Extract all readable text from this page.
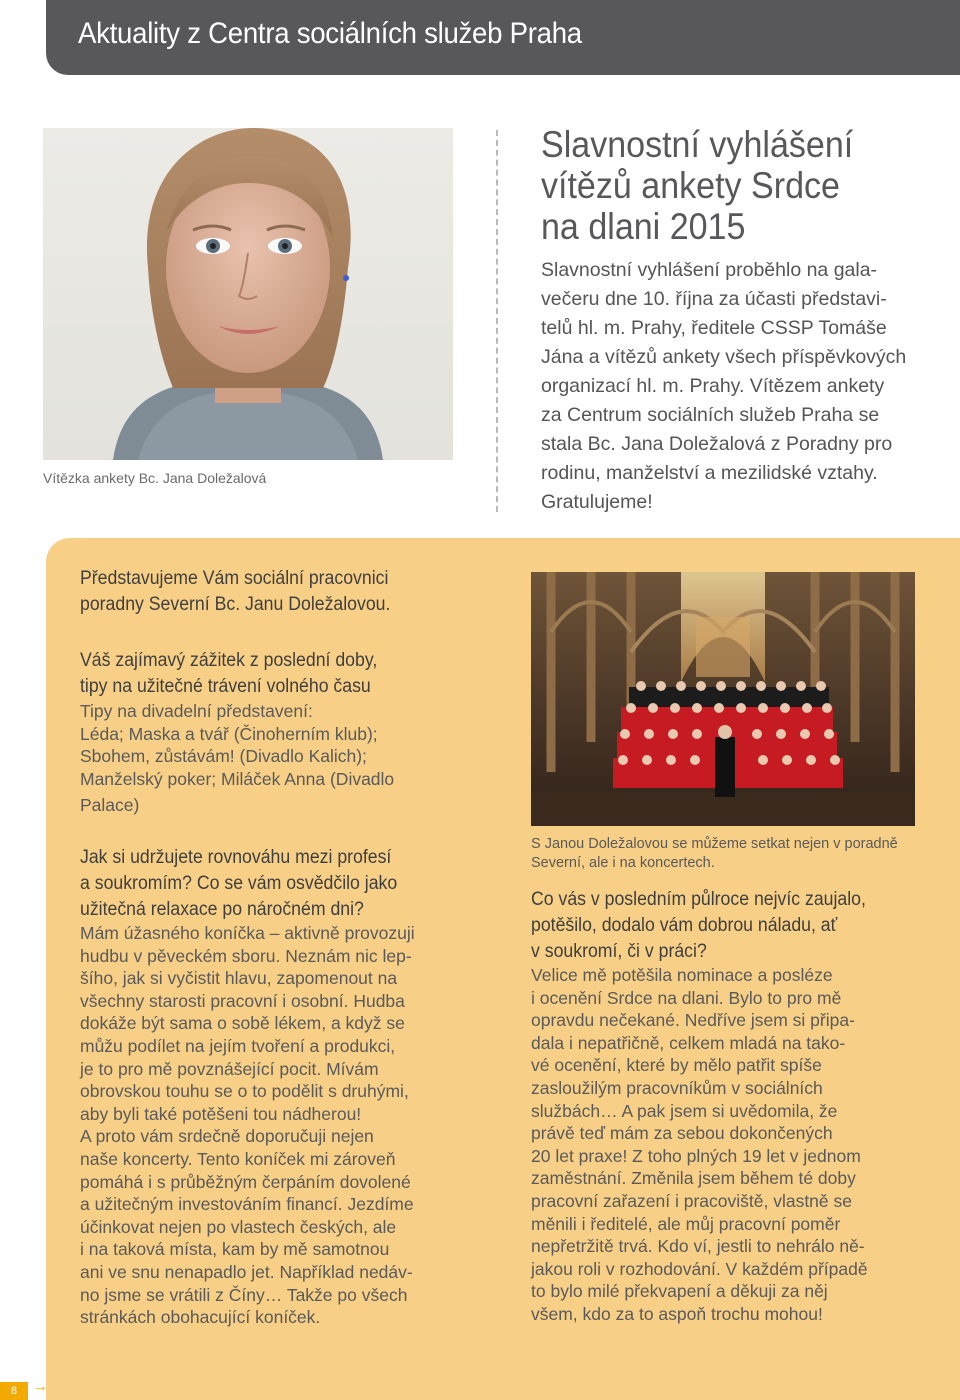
Aktuality z Centra sociálních služeb Praha
Vítězka ankety Bc. Jana Doležalová
Slavnostní vyhlášení
vítězů ankety Srdce
na dlani 2015
Slavnostní vyhlášení proběhlo na gala-
večeru dne 10. října za účasti představi-
telů hl. m. Prahy, ředitele CSSP Tomáše
Jána a vítězů ankety všech příspěvkových
organizací hl. m. Prahy. Vítězem ankety
za Centrum sociálních služeb Praha se
stala Bc. Jana Doležalová z Poradny pro
rodinu, manželství a mezilidské vztahy.
Gratulujeme!
Představujeme Vám sociální pracovnici
poradny Severní Bc. Janu Doležalovou.
Váš zajímavý zážitek z poslední doby,
tipy na užitečné trávení volného času
Tipy na divadelní představení:
Léda; Maska a tvář (Činoherním klub);
Sbohem, zůstávám! (Divadlo Kalich);
Manželský poker; Miláček Anna (Divadlo
Palace)
Jak si udržujete rovnováhu mezi profesí
a soukromím? Co se vám osvědčilo jako
užitečná relaxace po náročném dni?
Mám úžasného koníčka – aktivně provozuji
hudbu v pěveckém sboru. Neznám nic lep-
šího, jak si vyčistit hlavu, zapomenout na
všechny starosti pracovní i osobní. Hudba
dokáže být sama o sobě lékem, a když se
můžu podílet na jejím tvoření a produkci,
je to pro mě povznášející pocit. Mívám
obrovskou touhu se o to podělit s druhými,
aby byli také potěšeni tou nádherou!
A proto vám srdečně doporučuji nejen
naše koncerty. Tento koníček mi zároveň
pomáhá i s průběžným čerpáním dovolené
a užitečným investováním financí. Jezdíme
účinkovat nejen po vlastech českých, ale
i na taková místa, kam by mě samotnou
ani ve snu nenapadlo jet. Například nedáv-
no jsme se vrátili z Číny… Takže po všech
stránkách obohacující koníček.
S Janou Doležalovou se můžeme setkat nejen v poradně
Severní, ale i na koncertech.
Co vás v posledním půlroce nejvíc zaujalo,
potěšilo, dodalo vám dobrou náladu, ať
v soukromí, či v práci?
Velice mě potěšila nominace a posléze
i ocenění Srdce na dlani. Bylo to pro mě
opravdu nečekané. Nedříve jsem si připa-
dala i nepatřičně, celkem mladá na tako-
vé ocenění, které by mělo patřit spíše
zasloužilým pracovníkům v sociálních
službách… A pak jsem si uvědomila, že
právě teď mám za sebou dokončených
20 let praxe! Z toho plných 19 let v jednom
zaměstnání. Změnila jsem během té doby
pracovní zařazení i pracoviště, vlastně se
měnili i ředitelé, ale můj pracovní poměr
nepřetržitě trvá. Kdo ví, jestli to nehrálo ně-
jakou roli v rozhodování. V každém případě
to bylo milé překvapení a děkuji za něj
všem, kdo za to aspoň trochu mohou!
8 →
